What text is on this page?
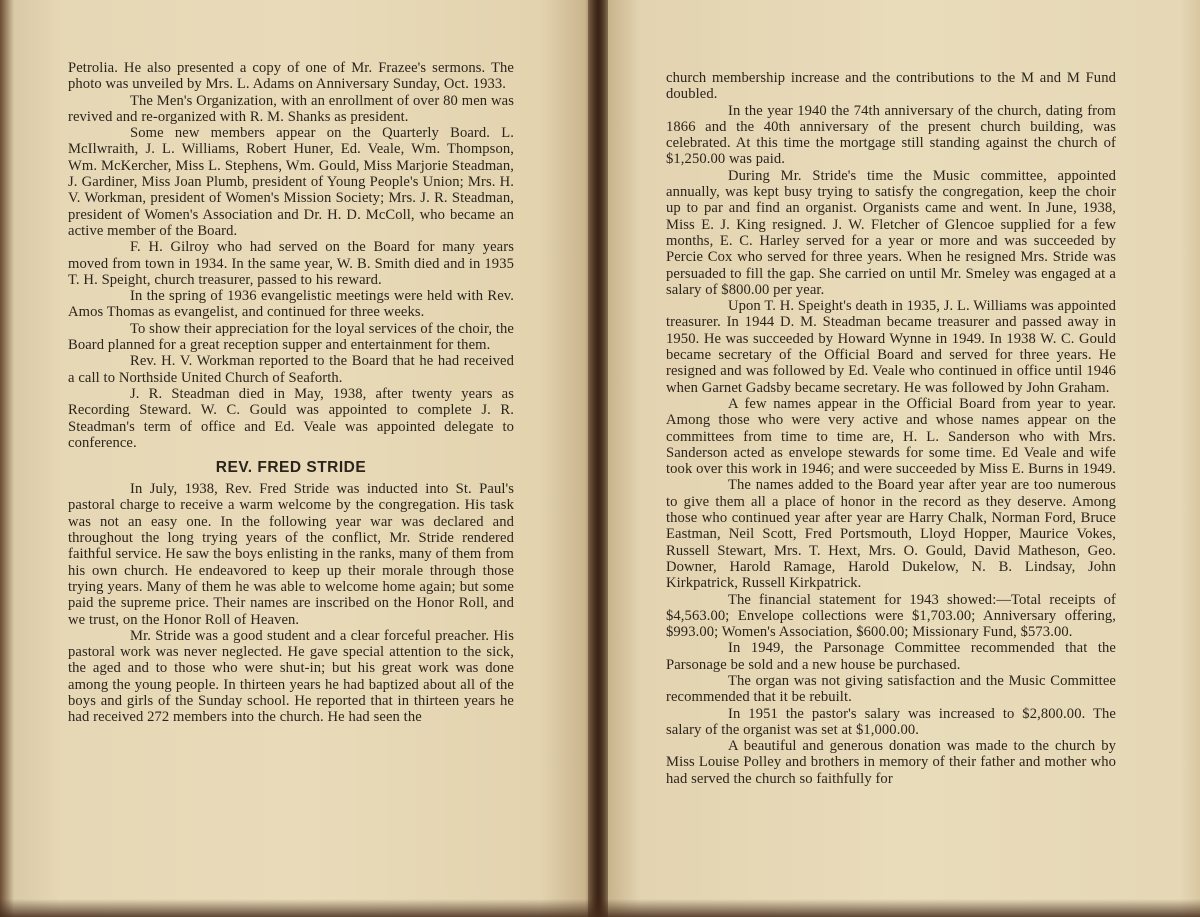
Petrolia. He also presented a copy of one of Mr. Frazee's sermons. The photo was unveiled by Mrs. L. Adams on Anniversary Sunday, Oct. 1933.

The Men's Organization, with an enrollment of over 80 men was revived and re-organized with R. M. Shanks as president.

Some new members appear on the Quarterly Board. L. McIlwraith, J. L. Williams, Robert Huner, Ed. Veale, Wm. Thompson, Wm. McKercher, Miss L. Stephens, Wm. Gould, Miss Marjorie Steadman, J. Gardiner, Miss Joan Plumb, president of Young People's Union; Mrs. H. V. Workman, president of Women's Mission Society; Mrs. J. R. Steadman, president of Women's Association and Dr. H. D. McColl, who became an active member of the Board.

F. H. Gilroy who had served on the Board for many years moved from town in 1934. In the same year, W. B. Smith died and in 1935 T. H. Speight, church treasurer, passed to his reward.

In the spring of 1936 evangelistic meetings were held with Rev. Amos Thomas as evangelist, and continued for three weeks.

To show their appreciation for the loyal services of the choir, the Board planned for a great reception supper and entertainment for them.

Rev. H. V. Workman reported to the Board that he had received a call to Northside United Church of Seaforth.

J. R. Steadman died in May, 1938, after twenty years as Recording Steward. W. C. Gould was appointed to complete J. R. Steadman's term of office and Ed. Veale was appointed delegate to conference.

REV. FRED STRIDE

In July, 1938, Rev. Fred Stride was inducted into St. Paul's pastoral charge to receive a warm welcome by the congregation. His task was not an easy one. In the following year war was declared and throughout the long trying years of the conflict, Mr. Stride rendered faithful service. He saw the boys enlisting in the ranks, many of them from his own church. He endeavored to keep up their morale through those trying years. Many of them he was able to welcome home again; but some paid the supreme price. Their names are inscribed on the Honor Roll, and we trust, on the Honor Roll of Heaven.

Mr. Stride was a good student and a clear forceful preacher. His pastoral work was never neglected. He gave special attention to the sick, the aged and to those who were shut-in; but his great work was done among the young people. In thirteen years he had baptized about all of the boys and girls of the Sunday school. He reported that in thirteen years he had received 272 members into the church. He had seen the

church membership increase and the contributions to the M and M Fund doubled.

In the year 1940 the 74th anniversary of the church, dating from 1866 and the 40th anniversary of the present church building, was celebrated. At this time the mortgage still standing against the church of $1,250.00 was paid.

During Mr. Stride's time the Music committee, appointed annually, was kept busy trying to satisfy the congregation, keep the choir up to par and find an organist. Organists came and went. In June, 1938, Miss E. J. King resigned. J. W. Fletcher of Glencoe supplied for a few months, E. C. Harley served for a year or more and was succeeded by Percie Cox who served for three years. When he resigned Mrs. Stride was persuaded to fill the gap. She carried on until Mr. Smeley was engaged at a salary of $800.00 per year.

Upon T. H. Speight's death in 1935, J. L. Williams was appointed treasurer. In 1944 D. M. Steadman became treasurer and passed away in 1950. He was succeeded by Howard Wynne in 1949. In 1938 W. C. Gould became secretary of the Official Board and served for three years. He resigned and was followed by Ed. Veale who continued in office until 1946 when Garnet Gadsby became secretary. He was followed by John Graham.

A few names appear in the Official Board from year to year. Among those who were very active and whose names appear on the committees from time to time are, H. L. Sanderson who with Mrs. Sanderson acted as envelope stewards for some time. Ed Veale and wife took over this work in 1946; and were succeeded by Miss E. Burns in 1949.

The names added to the Board year after year are too numerous to give them all a place of honor in the record as they deserve. Among those who continued year after year are Harry Chalk, Norman Ford, Bruce Eastman, Neil Scott, Fred Portsmouth, Lloyd Hopper, Maurice Vokes, Russell Stewart, Mrs. T. Hext, Mrs. O. Gould, David Matheson, Geo. Downer, Harold Ramage, Harold Dukelow, N. B. Lindsay, John Kirkpatrick, Russell Kirkpatrick.

The financial statement for 1943 showed:—Total receipts of $4,563.00; Envelope collections were $1,703.00; Anniversary offering, $993.00; Women's Association, $600.00; Missionary Fund, $573.00.

In 1949, the Parsonage Committee recommended that the Parsonage be sold and a new house be purchased.

The organ was not giving satisfaction and the Music Committee recommended that it be rebuilt.

In 1951 the pastor's salary was increased to $2,800.00. The salary of the organist was set at $1,000.00.

A beautiful and generous donation was made to the church by Miss Louise Polley and brothers in memory of their father and mother who had served the church so faithfully for
